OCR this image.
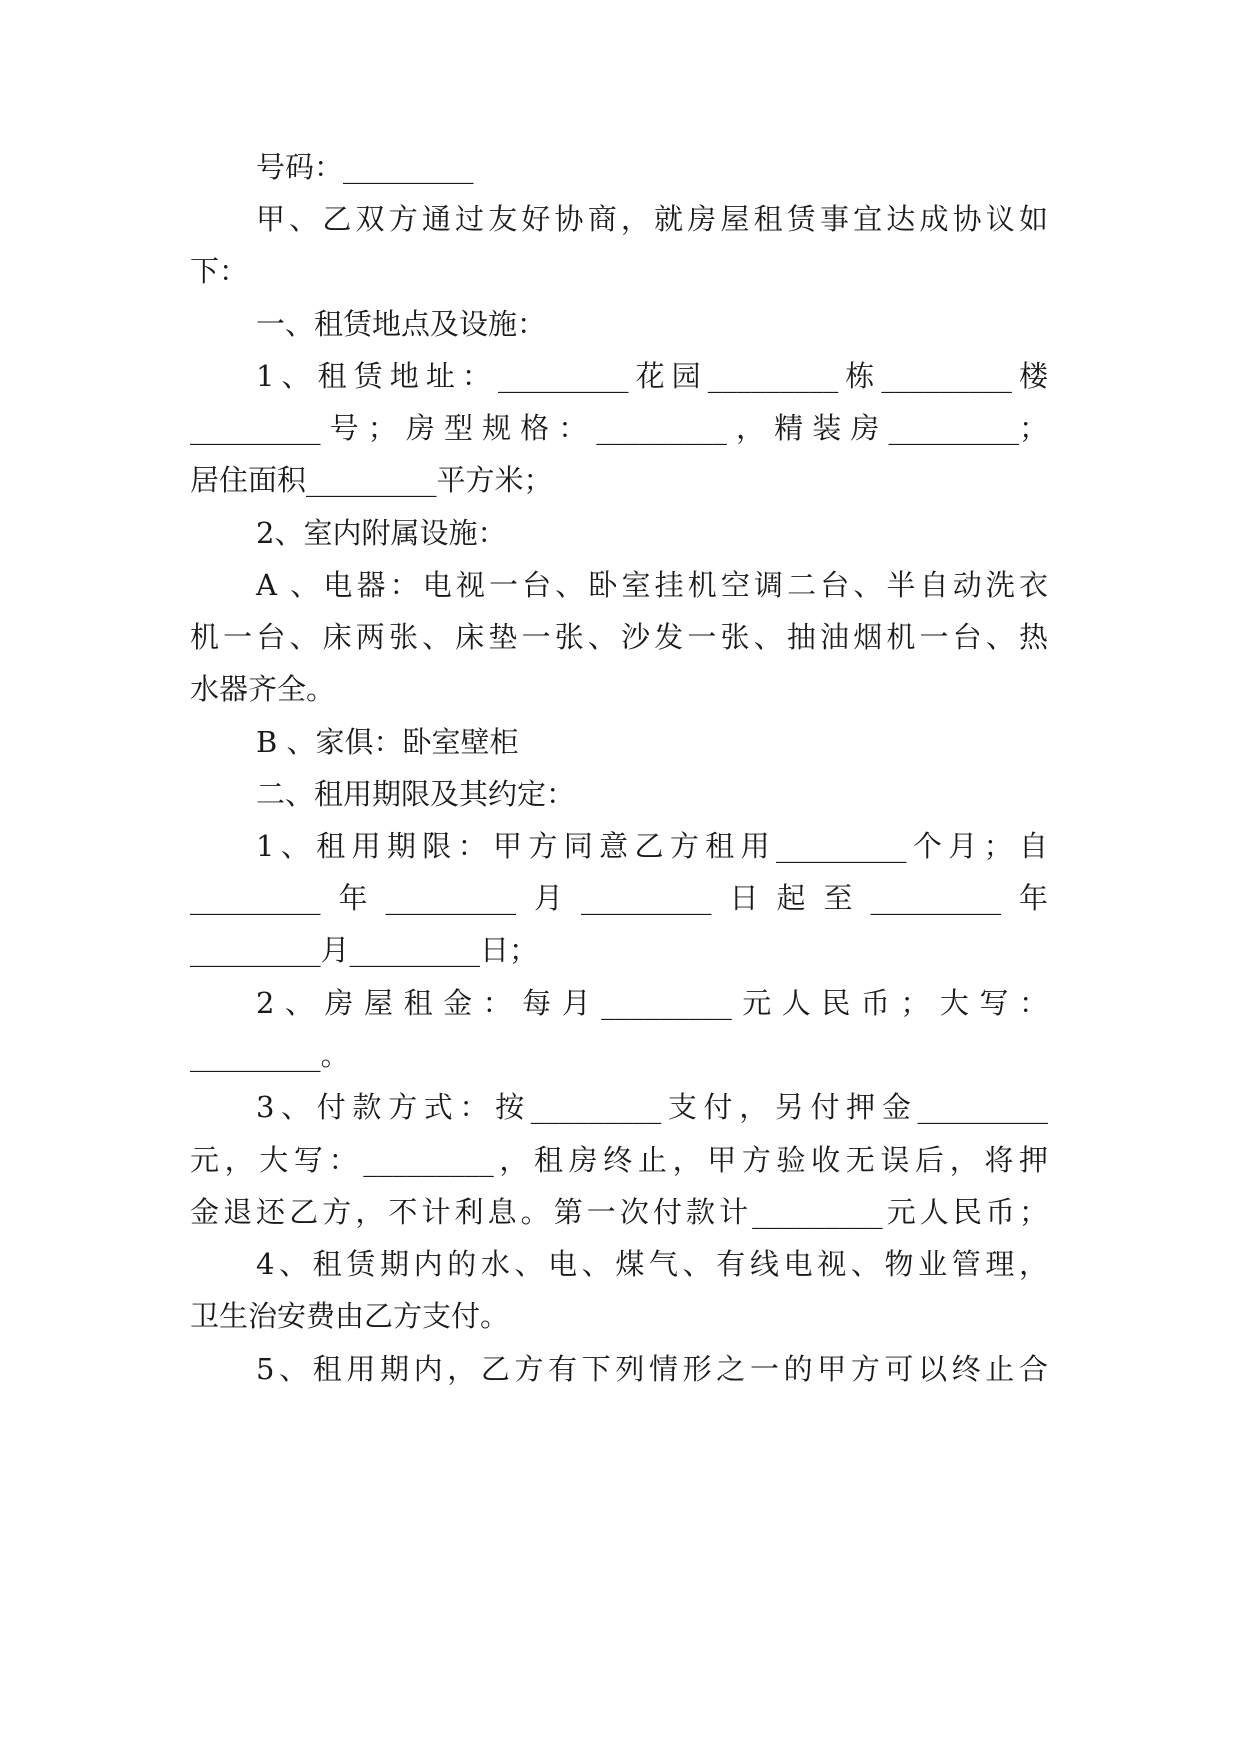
号码：_________
甲、乙双方通过友好协商，就房屋租赁事宜达成协议如
下：
一、租赁地点及设施：
1、租赁地址：_________花园_________栋_________楼
_________号；房型规格：_________，精装房_________；
居住面积_________平方米；
2、室内附属设施：
A 、电器：电视一台、卧室挂机空调二台、半自动洗衣
机一台、床两张、床垫一张、沙发一张、抽油烟机一台、热
水器齐全。
B 、家俱：卧室壁柜
二、租用期限及其约定：
1、租用期限：甲方同意乙方租用_________个月；自
_________年_________月_________日起至_________年
_________月_________日；
2、房屋租金：每月_________元人民币；大写：
_________。
3、付款方式：按_________支付，另付押金_________
元，大写：_________，租房终止，甲方验收无误后，将押
金退还乙方，不计利息。第一次付款计_________元人民币；
4、租赁期内的水、电、煤气、有线电视、物业管理，
卫生治安费由乙方支付。
5、租用期内，乙方有下列情形之一的甲方可以终止合
